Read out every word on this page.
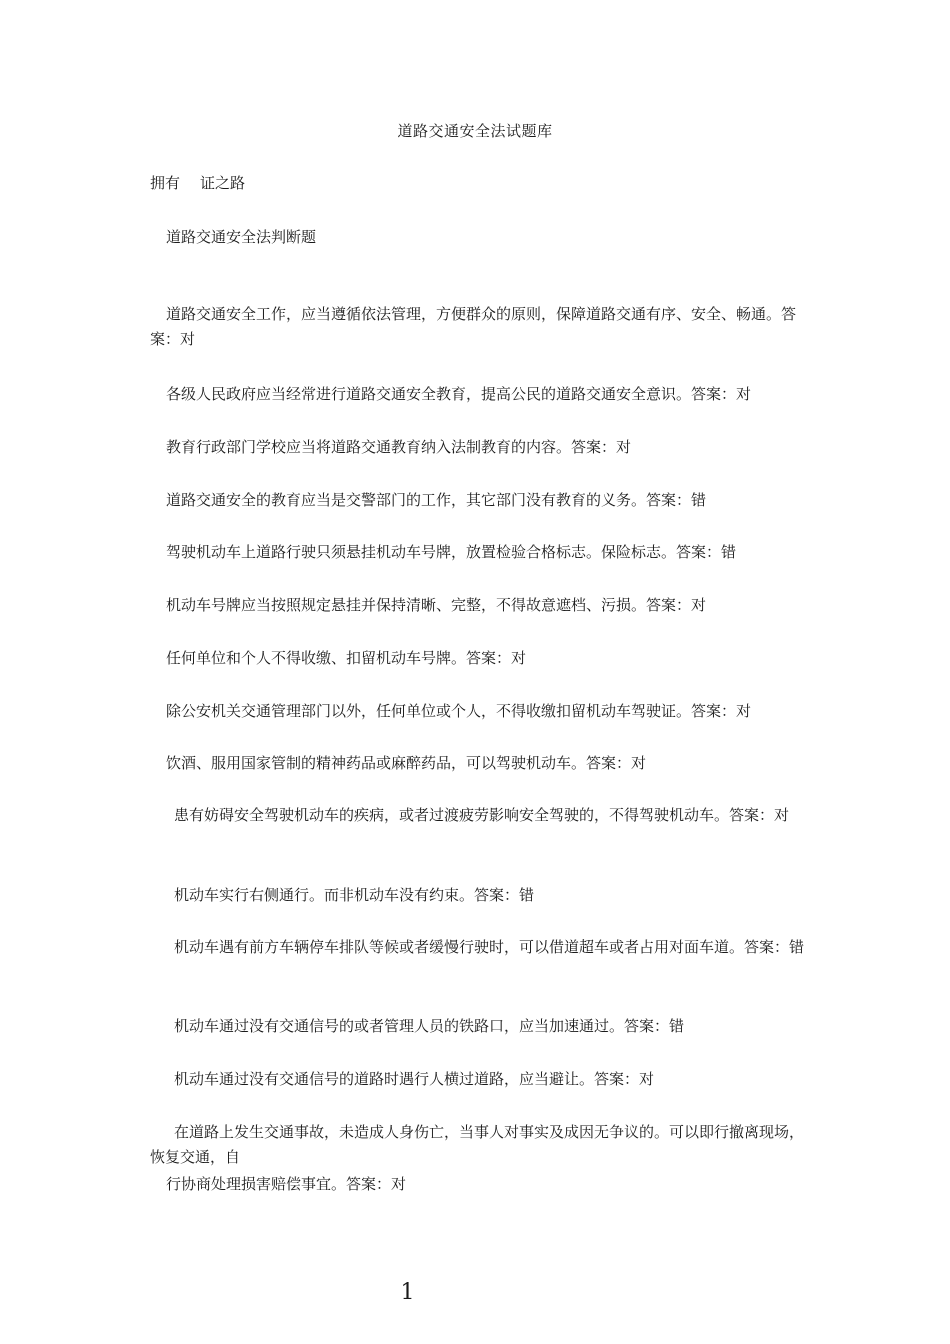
道路交通安全法试题库
拥有 证之路
道路交通安全法判断题
道路交通安全工作，应当遵循依法管理，方便群众的原则，保障道路交通有序、安全、畅通。答案：对
各级人民政府应当经常进行道路交通安全教育，提高公民的道路交通安全意识。答案：对
教育行政部门学校应当将道路交通教育纳入法制教育的内容。答案：对
道路交通安全的教育应当是交警部门的工作，其它部门没有教育的义务。答案：错
驾驶机动车上道路行驶只须悬挂机动车号牌，放置检验合格标志。保险标志。答案：错
机动车号牌应当按照规定悬挂并保持清晰、完整，不得故意遮档、污损。答案：对
任何单位和个人不得收缴、扣留机动车号牌。答案：对
除公安机关交通管理部门以外，任何单位或个人，不得收缴扣留机动车驾驶证。答案：对
饮酒、服用国家管制的精神药品或麻醉药品，可以驾驶机动车。答案：对
患有妨碍安全驾驶机动车的疾病，或者过渡疲劳影响安全驾驶的，不得驾驶机动车。答案：对
机动车实行右侧通行。而非机动车没有约束。答案：错
机动车遇有前方车辆停车排队等候或者缓慢行驶时，可以借道超车或者占用对面车道。答案：错
机动车通过没有交通信号的或者管理人员的铁路口，应当加速通过。答案：错
机动车通过没有交通信号的道路时遇行人横过道路，应当避让。答案：对
在道路上发生交通事故，未造成人身伤亡，当事人对事实及成因无争议的。可以即行撤离现场，恢复交通，自
行协商处理损害赔偿事宜。答案：对
1
